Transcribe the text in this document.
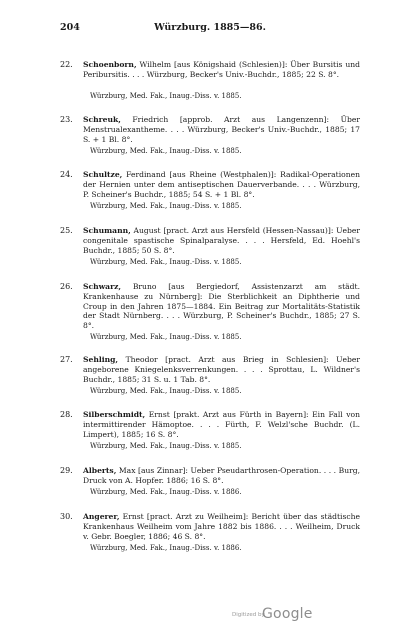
204	Würzburg. 1885—86.
22.	Schoenborn, Wilhelm [aus Königshaid (Schlesien)]: Über Bursitis und Peribursitis. . . . Würzburg, Becker's Univ.-Buchdr., 1885; 22 S. 8°.
Würzburg, Med. Fak., Inaug.-Diss. v. 1885.
23.	Schreuk, Friedrich [approb. Arzt aus Langenzenn]: Über Menstrualexantheme. . . . Würzburg, Becker's Univ.-Buchdr., 1885; 17 S. + 1 Bl. 8°.
Würzburg, Med. Fak., Inaug.-Diss. v. 1885.
24.	Schultze, Ferdinand [aus Rheine (Westphalen)]: Radikal-Operationen der Hernien unter dem antiseptischen Dauerverbande. . . . Würzburg, P. Scheiner's Buchdr., 1885; 54 S. + 1 Bl. 8°.
Würzburg, Med. Fak., Inaug.-Diss. v. 1885.
25.	Schumann, August [pract. Arzt aus Hersfeld (Hessen-Nassau)]: Ueber congenitale spastische Spinalparalyse. . . . Hersfeld, Ed. Hoehl's Buchdr., 1885; 50 S. 8°.
Würzburg, Med. Fak., Inaug.-Diss. v. 1885.
26.	Schwarz, Bruno [aus Bergiedorf, Assistenzarzt am städt. Krankenhause zu Nürnberg]: Die Sterblichkeit an Diphtherie und Croup in den Jahren 1875—1884. Ein Beitrag zur Mortalitäts-Statistik der Stadt Nürnberg. . . . Würzburg, P. Scheiner's Buchdr., 1885; 27 S. 8°.
Würzburg, Med. Fak., Inaug.-Diss. v. 1885.
27.	Sehling, Theodor [pract. Arzt aus Brieg in Schlesien]: Ueber angeborene Kniegelenksverrenkungen. . . . Sprottau, L. Wildner's Buchdr., 1885; 31 S. u. 1 Tab. 8°.
Würzburg, Med. Fak., Inaug.-Diss. v. 1885.
28.	Silberschmidt, Ernst [prakt. Arzt aus Fürth in Bayern]: Ein Fall von intermittirender Hämoptoe. . . . Fürth, F. Welzl'sche Buchdr. (L. Limpert), 1885; 16 S. 8°.
Würzburg, Med. Fak., Inaug.-Diss. v. 1885.
29.	Alberts, Max [aus Zinnar]: Ueber Pseudarthrosen-Operation. . . . Burg, Druck von A. Hopfer. 1886; 16 S. 8°.
Würzburg, Med. Fak., Inaug.-Diss. v. 1886.
30.	Angerer, Ernst [pract. Arzt zu Weilheim]: Bericht über das städtische Krankenhaus Weilheim vom Jahre 1882 bis 1886. . . . Weilheim, Druck v. Gebr. Boegler, 1886; 46 S. 8°.
Würzburg, Med. Fak., Inaug.-Diss. v. 1886.
Digitized by
Google
